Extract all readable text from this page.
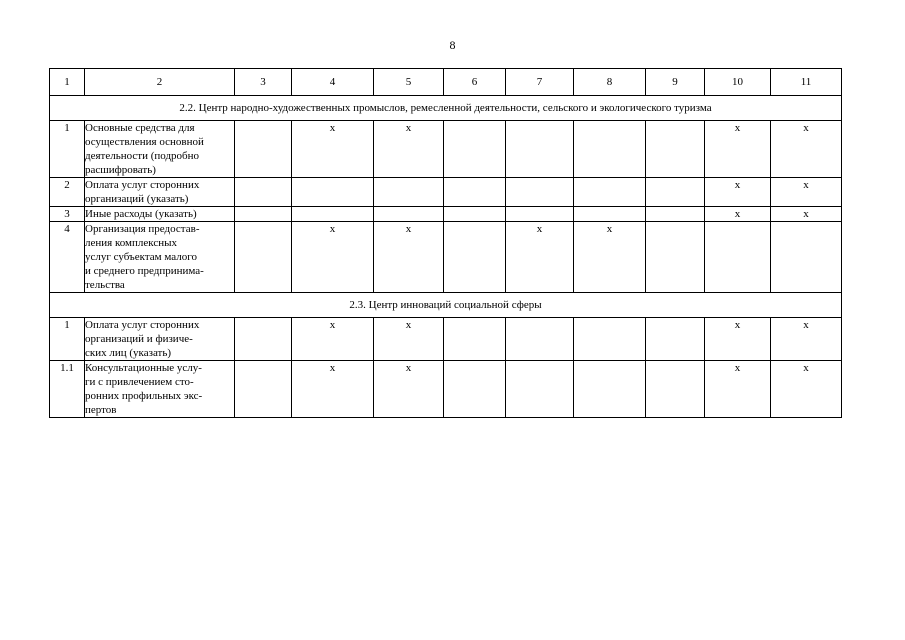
8
1	2	3	4	5	6	7	8	9	10	11
2.2. Центр народно-художественных промыслов, ремесленной деятельности, сельского и экологического туризма										
1	Основные средства для
осуществления основной
деятельности (подробно
расшифровать)		x	x					x	x
2	Оплата услуг сторонних
организаций (указать)								x	x
3	Иные расходы (указать)								x	x
4	Организация предостав-
ления комплексных
услуг субъектам малого
и среднего предпринима-
тельства		x	x		x	x			
2.3. Центр инноваций социальной сферы										
1	Оплата услуг сторонних
организаций и физиче-
ских лиц (указать)		x	x					x	x
1.1	Консультационные услу-
ги с привлечением сто-
ронних профильных экс-
пертов		x	x					x	x
